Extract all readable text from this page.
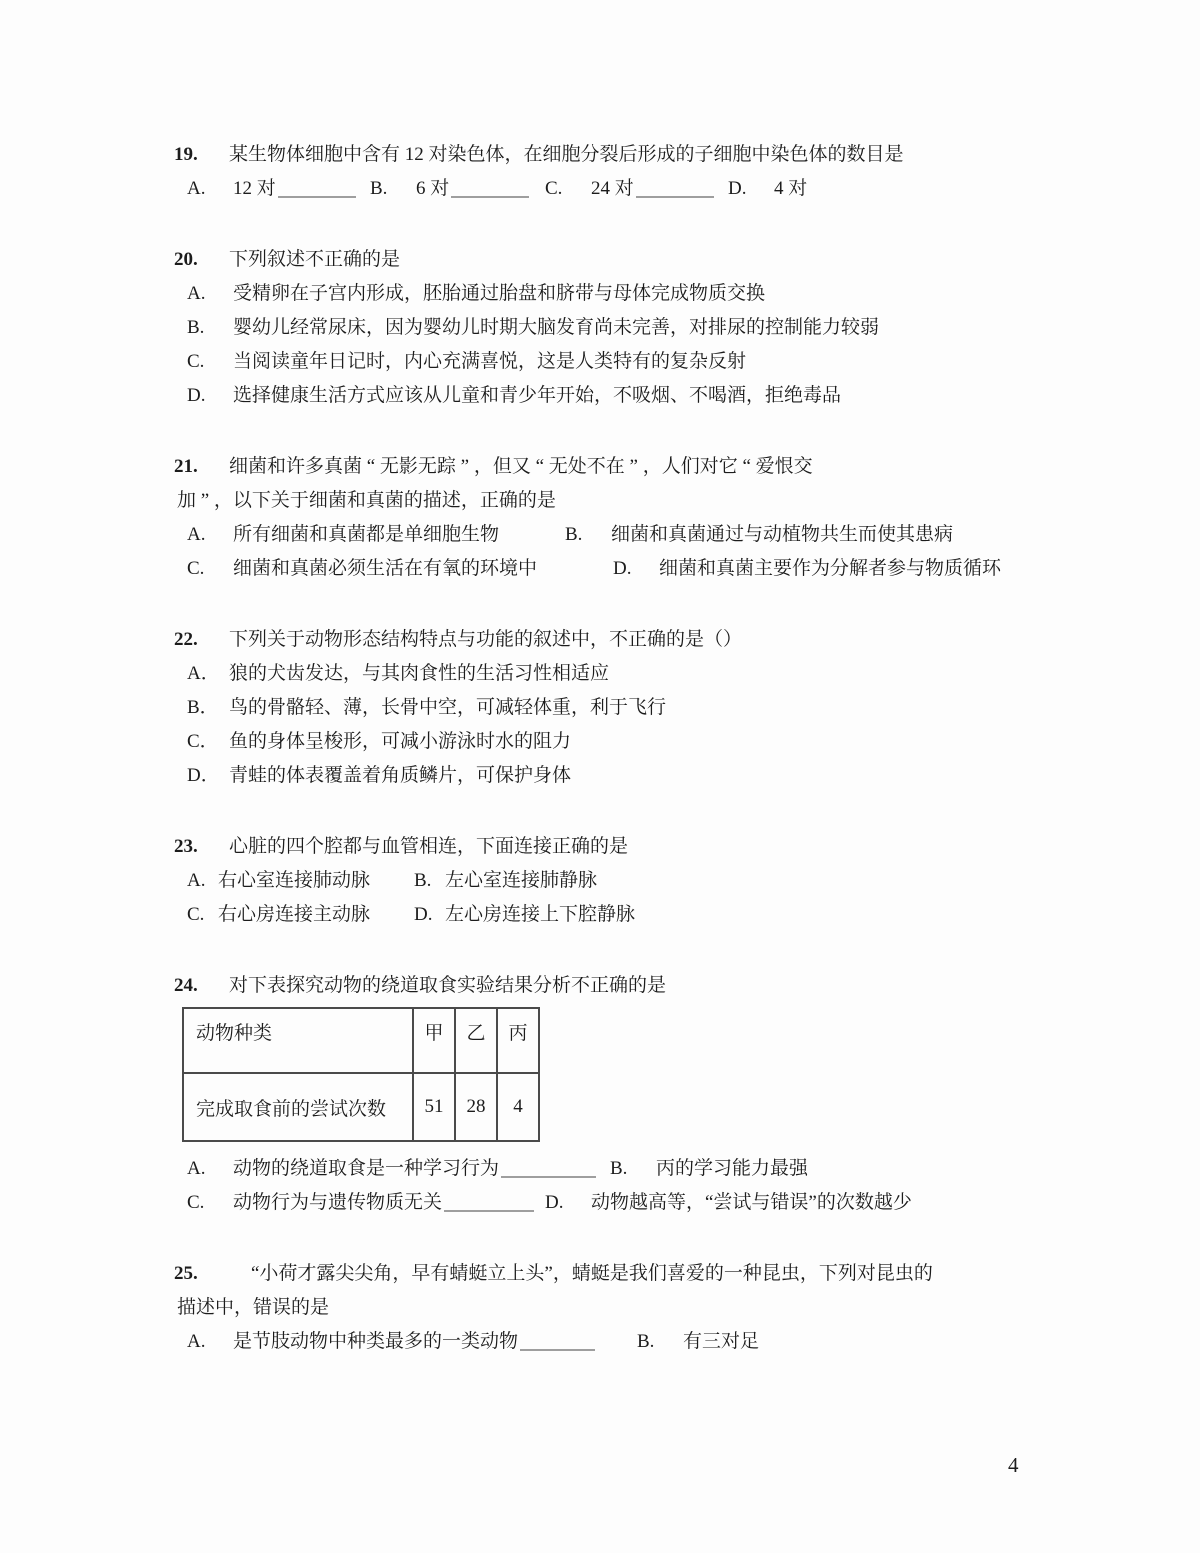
19. 某生物体细胞中含有 12 对染色体，在细胞分裂后形成的子细胞中染色体的数目是
A. 12 对	B. 6 对	C. 24 对	D. 4 对
20. 下列叙述不正确的是
A. 受精卵在子宫内形成，胚胎通过胎盘和脐带与母体完成物质交换
B. 婴幼儿经常尿床，因为婴幼儿时期大脑发育尚未完善，对排尿的控制能力较弱
C. 当阅读童年日记时，内心充满喜悦，这是人类特有的复杂反射
D. 选择健康生活方式应该从儿童和青少年开始，不吸烟、不喝酒，拒绝毒品
21. 细菌和许多真菌 “ 无影无踪 ” ，但又 “ 无处不在 ” ，人们对它 “ 爱恨交
加 ” ，以下关于细菌和真菌的描述，正确的是
A. 所有细菌和真菌都是单细胞生物	B. 细菌和真菌通过与动植物共生而使其患病
C. 细菌和真菌必须生活在有氧的环境中	D. 细菌和真菌主要作为分解者参与物质循环
22. 下列关于动物形态结构特点与功能的叙述中，不正确的是（）
A． 狼的犬齿发达，与其肉食性的生活习性相适应
B． 鸟的骨骼轻、薄，长骨中空，可减轻体重，利于飞行
C． 鱼的身体呈梭形，可减小游泳时水的阻力
D． 青蛙的体表覆盖着角质鳞片，可保护身体
23. 心脏的四个腔都与血管相连，下面连接正确的是
A. 右心室连接肺动脉	B. 左心室连接肺静脉
C. 右心房连接主动脉	D. 左心房连接上下腔静脉
24. 对下表探究动物的绕道取食实验结果分析不正确的是
动物种类	甲	乙	丙
完成取食前的尝试次数	51	28	4
A. 动物的绕道取食是一种学习行为	B. 丙的学习能力最强
C. 动物行为与遗传物质无关	D. 动物越高等，“尝试与错误”的次数越少
25.	“小荷才露尖尖角，早有蜻蜓立上头”，蜻蜓是我们喜爱的一种昆虫，下列对昆虫的
描述中，错误的是
A. 是节肢动物中种类最多的一类动物	B. 有三对足
4
